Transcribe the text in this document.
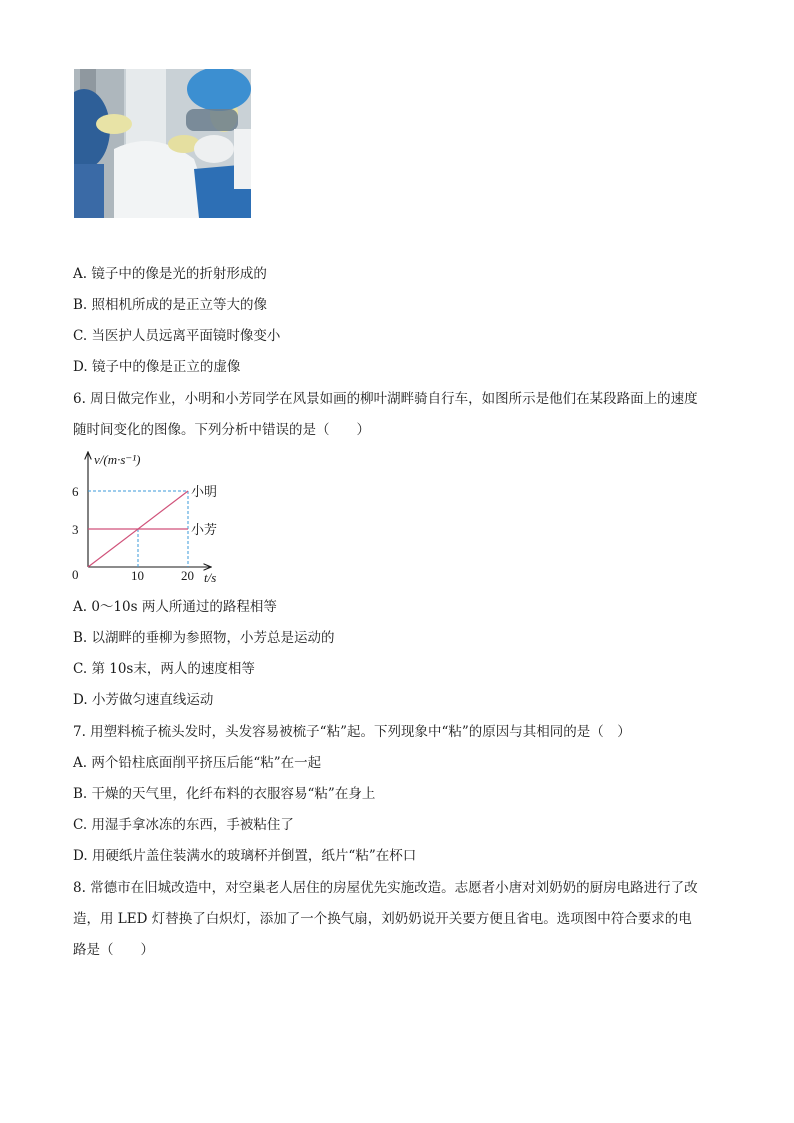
A. 镜子中的像是光的折射形成的
B. 照相机所成的是正立等大的像
C. 当医护人员远离平面镜时像变小
D. 镜子中的像是正立的虚像
6. 周日做完作业，小明和小芳同学在风景如画的柳叶湖畔骑自行车，如图所示是他们在某段路面上的速度
随时间变化的图像。下列分析中错误的是（　　）
v/(m·s⁻¹)
t/s
0
小明
小芳
6
3
10	20
A. 0～10s 两人所通过的路程相等
B. 以湖畔的垂柳为参照物，小芳总是运动的
C. 第 10s末，两人的速度相等
D. 小芳做匀速直线运动
7. 用塑料梳子梳头发时，头发容易被梳子“粘”起。下列现象中“粘”的原因与其相同的是（　）
A. 两个铅柱底面削平挤压后能“粘”在一起
B. 干燥的天气里，化纤布料的衣服容易“粘”在身上
C. 用湿手拿冰冻的东西，手被粘住了
D. 用硬纸片盖住装满水的玻璃杯并倒置，纸片“粘”在杯口
8. 常德市在旧城改造中，对空巢老人居住的房屋优先实施改造。志愿者小唐对刘奶奶的厨房电路进行了改
造，用 LED 灯替换了白炽灯，添加了一个换气扇，刘奶奶说开关要方便且省电。选项图中符合要求的电
路是（　　）
